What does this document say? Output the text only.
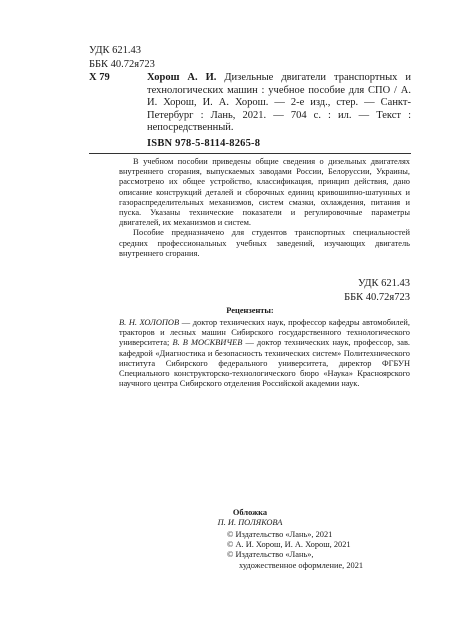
УДК 621.43
ББК 40.72я723
Х 79	Хорош А. И. Дизельные двигатели транспортных и технологических машин : учебное пособие для СПО / А. И. Хорош, И. А. Хорош. — 2-е изд., стер. — Санкт-Петербург : Лань, 2021. — 704 с. : ил. — Текст : непосредственный.
ISBN 978-5-8114-8265-8

В учебном пособии приведены общие сведения о дизельных двигателях внутреннего сгорания, выпускаемых заводами России, Белоруссии, Украины, рассмотрено их общее устройство, классификация, принцип действия, дано описание конструкций деталей и сборочных единиц кривошипно-шатунных и газораспределительных механизмов, систем смазки, охлаждения, питания и пуска. Указаны технические показатели и регулировочные параметры двигателей, их механизмов и систем.

Пособие предназначено для студентов транспортных специальностей средних профессиональных учебных заведений, изучающих двигатель внутреннего сгорания.

УДК 621.43
ББК 40.72я723
Рецензенты:

В. Н. ХОЛОПОВ — доктор технических наук, профессор кафедры автомобилей, тракторов и лесных машин Сибирского государственного технологического университета; В. В МОСКВИЧЕВ — доктор технических наук, профессор, зав. кафедрой «Диагностика и безопасность технических систем» Политехнического института Сибирского федерального университета, директор ФГБУН Специального конструкторско-технологического бюро «Наука» Красноярского научного центра Сибирского отделения Российской академии наук.

Обложка
П. И. ПОЛЯКОВА
© Издательство «Лань», 2021
© А. И. Хорош, И. А. Хорош, 2021
© Издательство «Лань»,
художественное оформление, 2021
